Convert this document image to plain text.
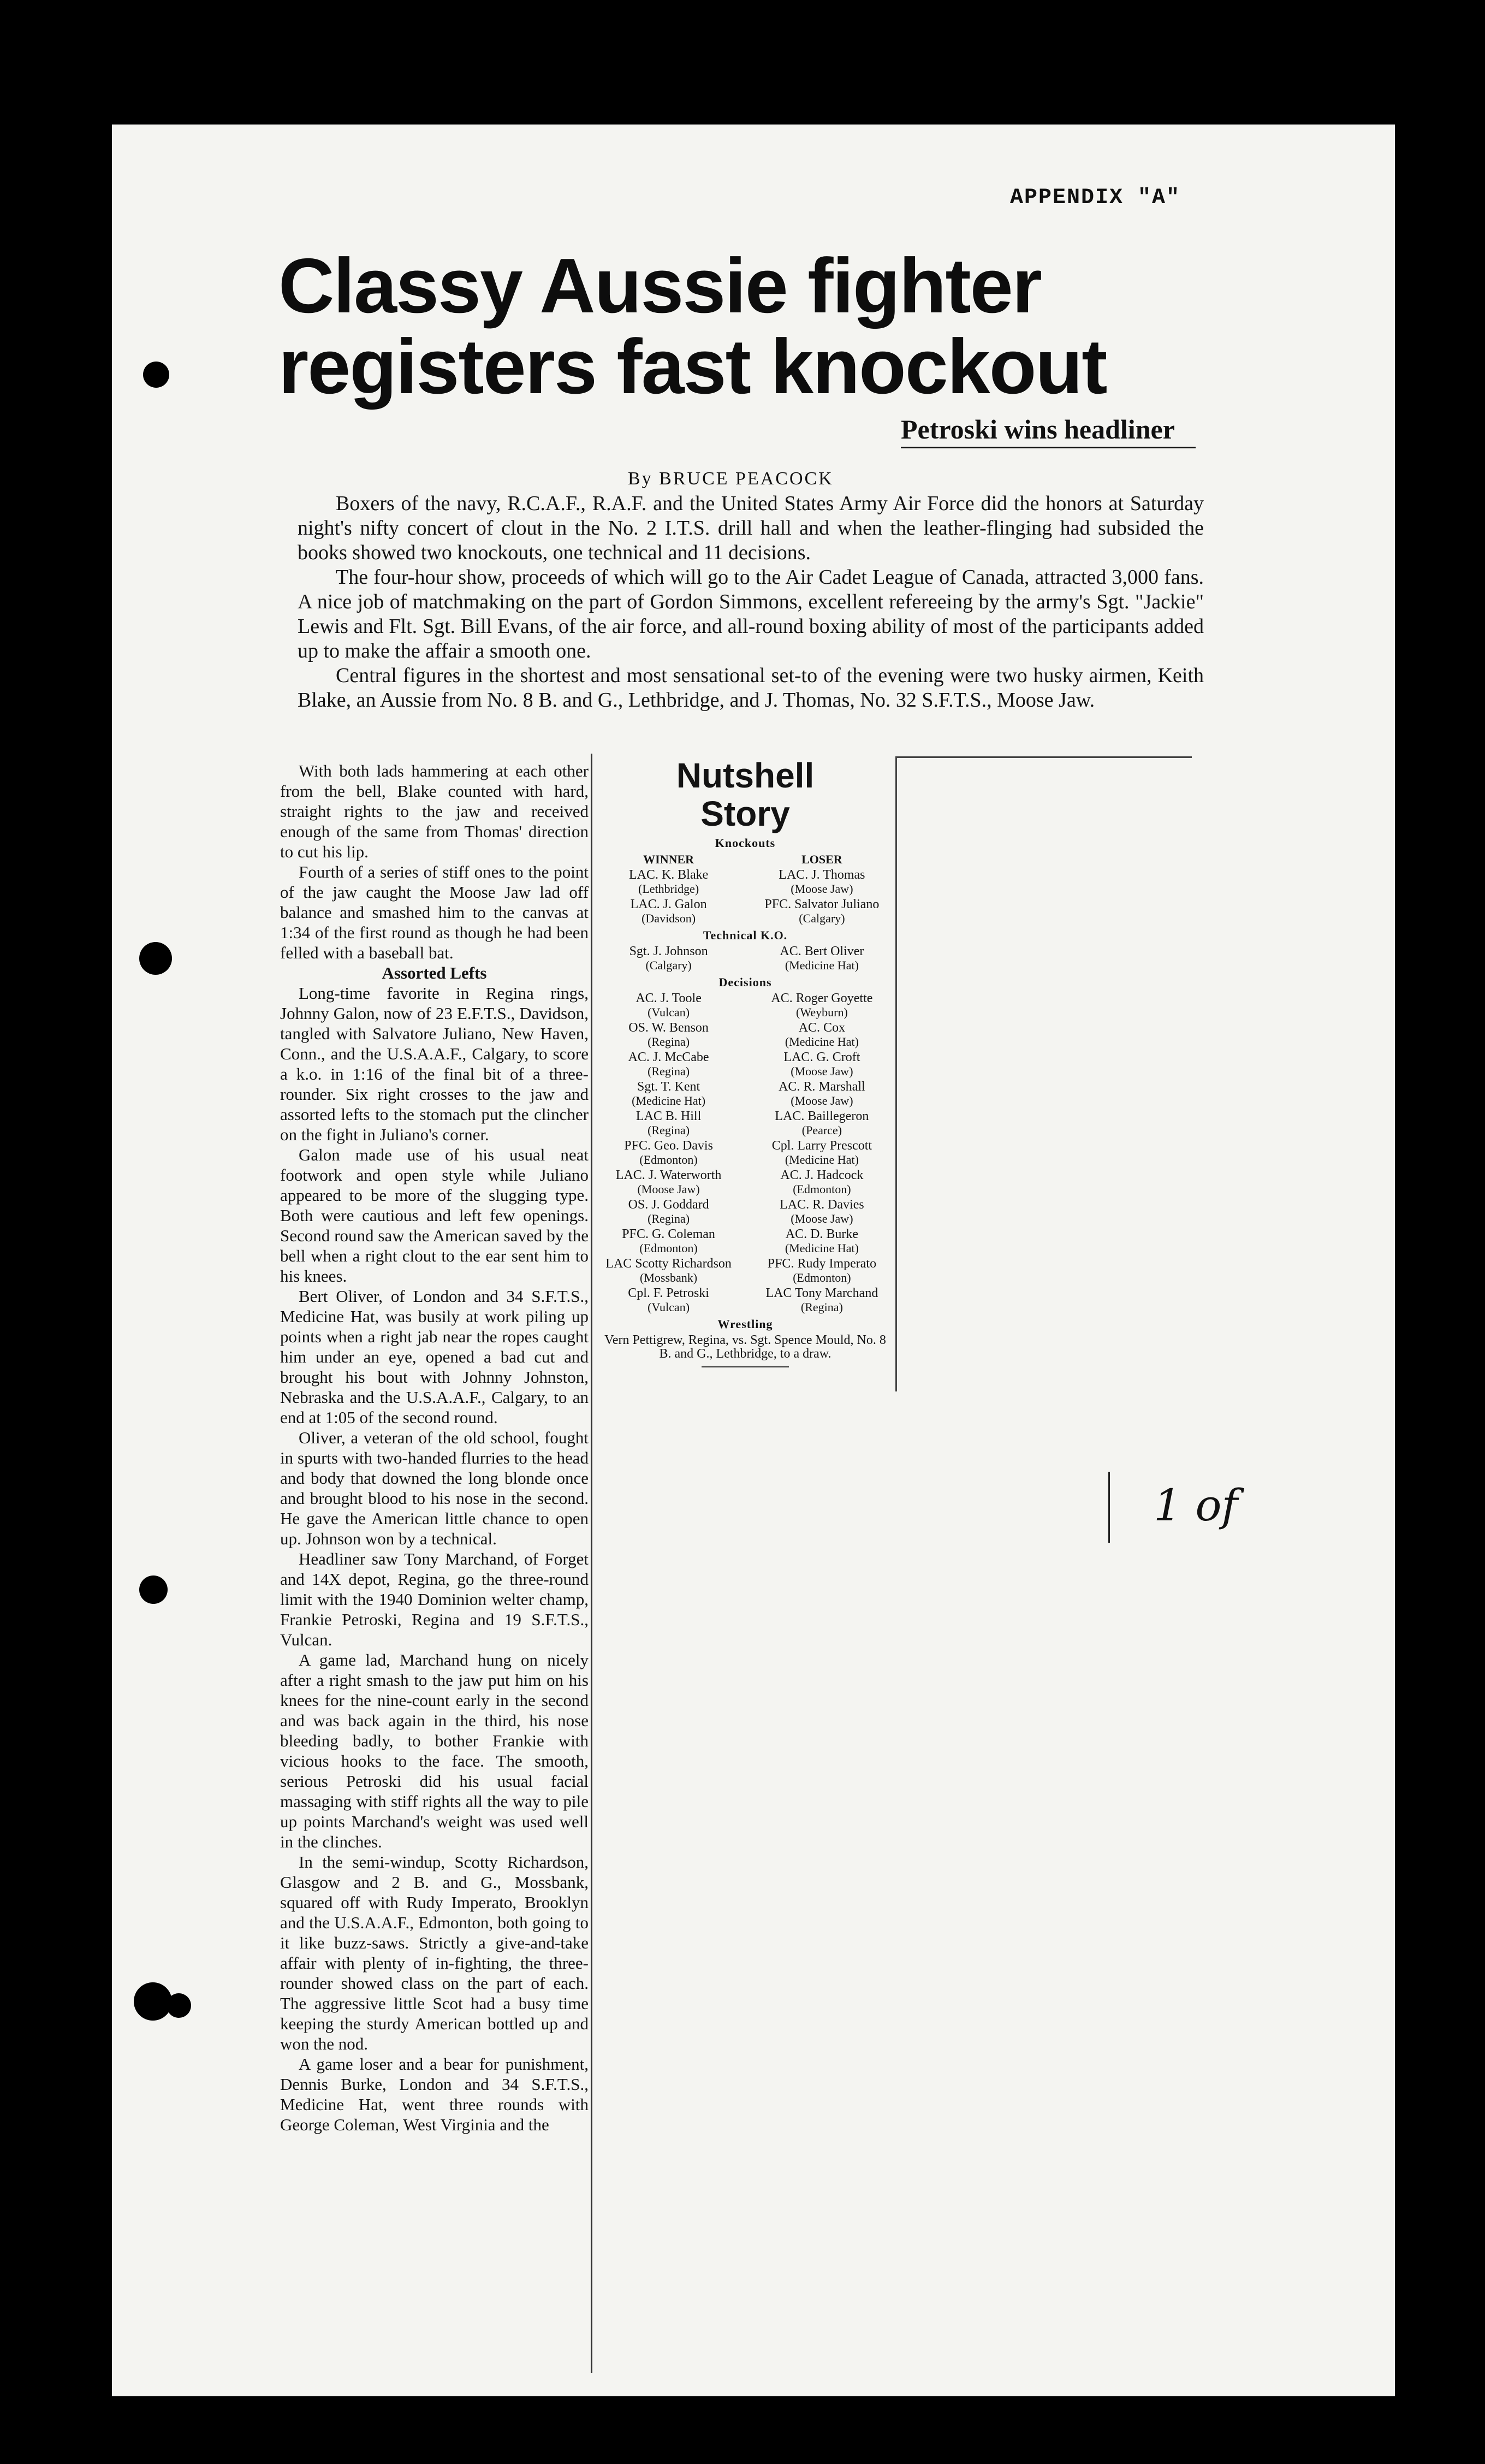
APPENDIX "A"
Classy Aussie fighter
registers fast knockout
Petroski wins headliner
By BRUCE PEACOCK

Boxers of the navy, R.C.A.F., R.A.F. and the United States Army Air Force did the honors at Saturday night's nifty concert of clout in the No. 2 I.T.S. drill hall and when the leather-flinging had subsided the books showed two knockouts, one technical and 11 decisions.

The four-hour show, proceeds of which will go to the Air Cadet League of Canada, attracted 3,000 fans. A nice job of matchmaking on the part of Gordon Simmons, excellent refereeing by the army's Sgt. "Jackie" Lewis and Flt. Sgt. Bill Evans, of the air force, and all-round boxing ability of most of the participants added up to make the affair a smooth one.

Central figures in the shortest and most sensational set-to of the evening were two husky airmen, Keith Blake, an Aussie from No. 8 B. and G., Lethbridge, and J. Thomas, No. 32 S.F.T.S., Moose Jaw.

With both lads hammering at each other from the bell, Blake counted with hard, straight rights to the jaw and received enough of the same from Thomas' direction to cut his lip.

Fourth of a series of stiff ones to the point of the jaw caught the Moose Jaw lad off balance and smashed him to the canvas at 1:34 of the first round as though he had been felled with a baseball bat.

Assorted Lefts

Long-time favorite in Regina rings, Johnny Galon, now of 23 E.F.T.S., Davidson, tangled with Salvatore Juliano, New Haven, Conn., and the U.S.A.A.F., Calgary, to score a k.o. in 1:16 of the final bit of a three-rounder. Six right crosses to the jaw and assorted lefts to the stomach put the clincher on the fight in Juliano's corner.

Galon made use of his usual neat footwork and open style while Juliano appeared to be more of the slugging type. Both were cautious and left few openings. Second round saw the American saved by the bell when a right clout to the ear sent him to his knees.

Bert Oliver, of London and 34 S.F.T.S., Medicine Hat, was busily at work piling up points when a right jab near the ropes caught him under an eye, opened a bad cut and brought his bout with Johnny Johnston, Nebraska and the U.S.A.A.F., Calgary, to an end at 1:05 of the second round.

Oliver, a veteran of the old school, fought in spurts with two-handed flurries to the head and body that downed the long blonde once and brought blood to his nose in the second. He gave the American little chance to open up. Johnson won by a technical.

Headliner saw Tony Marchand, of Forget and 14X depot, Regina, go the three-round limit with the 1940 Dominion welter champ, Frankie Petroski, Regina and 19 S.F.T.S., Vulcan.

A game lad, Marchand hung on nicely after a right smash to the jaw put him on his knees for the nine-count early in the second and was back again in the third, his nose bleeding badly, to bother Frankie with vicious hooks to the face. The smooth, serious Petroski did his usual facial massaging with stiff rights all the way to pile up points Marchand's weight was used well in the clinches.

In the semi-windup, Scotty Richardson, Glasgow and 2 B. and G., Mossbank, squared off with Rudy Imperato, Brooklyn and the U.S.A.A.F., Edmonton, both going to it like buzz-saws. Strictly a give-and-take affair with plenty of in-fighting, the three-rounder showed class on the part of each. The aggressive little Scot had a busy time keeping the sturdy American bottled up and won the nod.

A game loser and a bear for punishment, Dennis Burke, London and 34 S.F.T.S., Medicine Hat, went three rounds with George Coleman, West Virginia and the

Nutshell
Story
Knockouts
WINNER	LOSER
LAC. K. Blake
(Lethbridge)
LAC. J. Thomas
(Moose Jaw)
LAC. J. Galon
(Davidson)
PFC. Salvator Juliano
(Calgary)
Technical K.O.
Sgt. J. Johnson
(Calgary)
AC. Bert Oliver
(Medicine Hat)
Decisions
AC. J. Toole
(Vulcan)
AC. Roger Goyette
(Weyburn)
OS. W. Benson
(Regina)
AC. Cox
(Medicine Hat)
AC. J. McCabe
(Regina)
LAC. G. Croft
(Moose Jaw)
Sgt. T. Kent
(Medicine Hat)
AC. R. Marshall
(Moose Jaw)
LAC B. Hill
(Regina)
LAC. Baillegeron
(Pearce)
PFC. Geo. Davis
(Edmonton)
Cpl. Larry Prescott
(Medicine Hat)
LAC. J. Waterworth
(Moose Jaw)
AC. J. Hadcock
(Edmonton)
OS. J. Goddard
(Regina)
LAC. R. Davies
(Moose Jaw)
PFC. G. Coleman
(Edmonton)
AC. D. Burke
(Medicine Hat)
LAC Scotty Richardson
(Mossbank)
PFC. Rudy Imperato
(Edmonton)
Cpl. F. Petroski
(Vulcan)
LAC Tony Marchand
(Regina)
Wrestling
Vern Pettigrew, Regina, vs. Sgt. Spence Mould, No. 8 B. and G., Lethbridge, to a draw.
1 of
